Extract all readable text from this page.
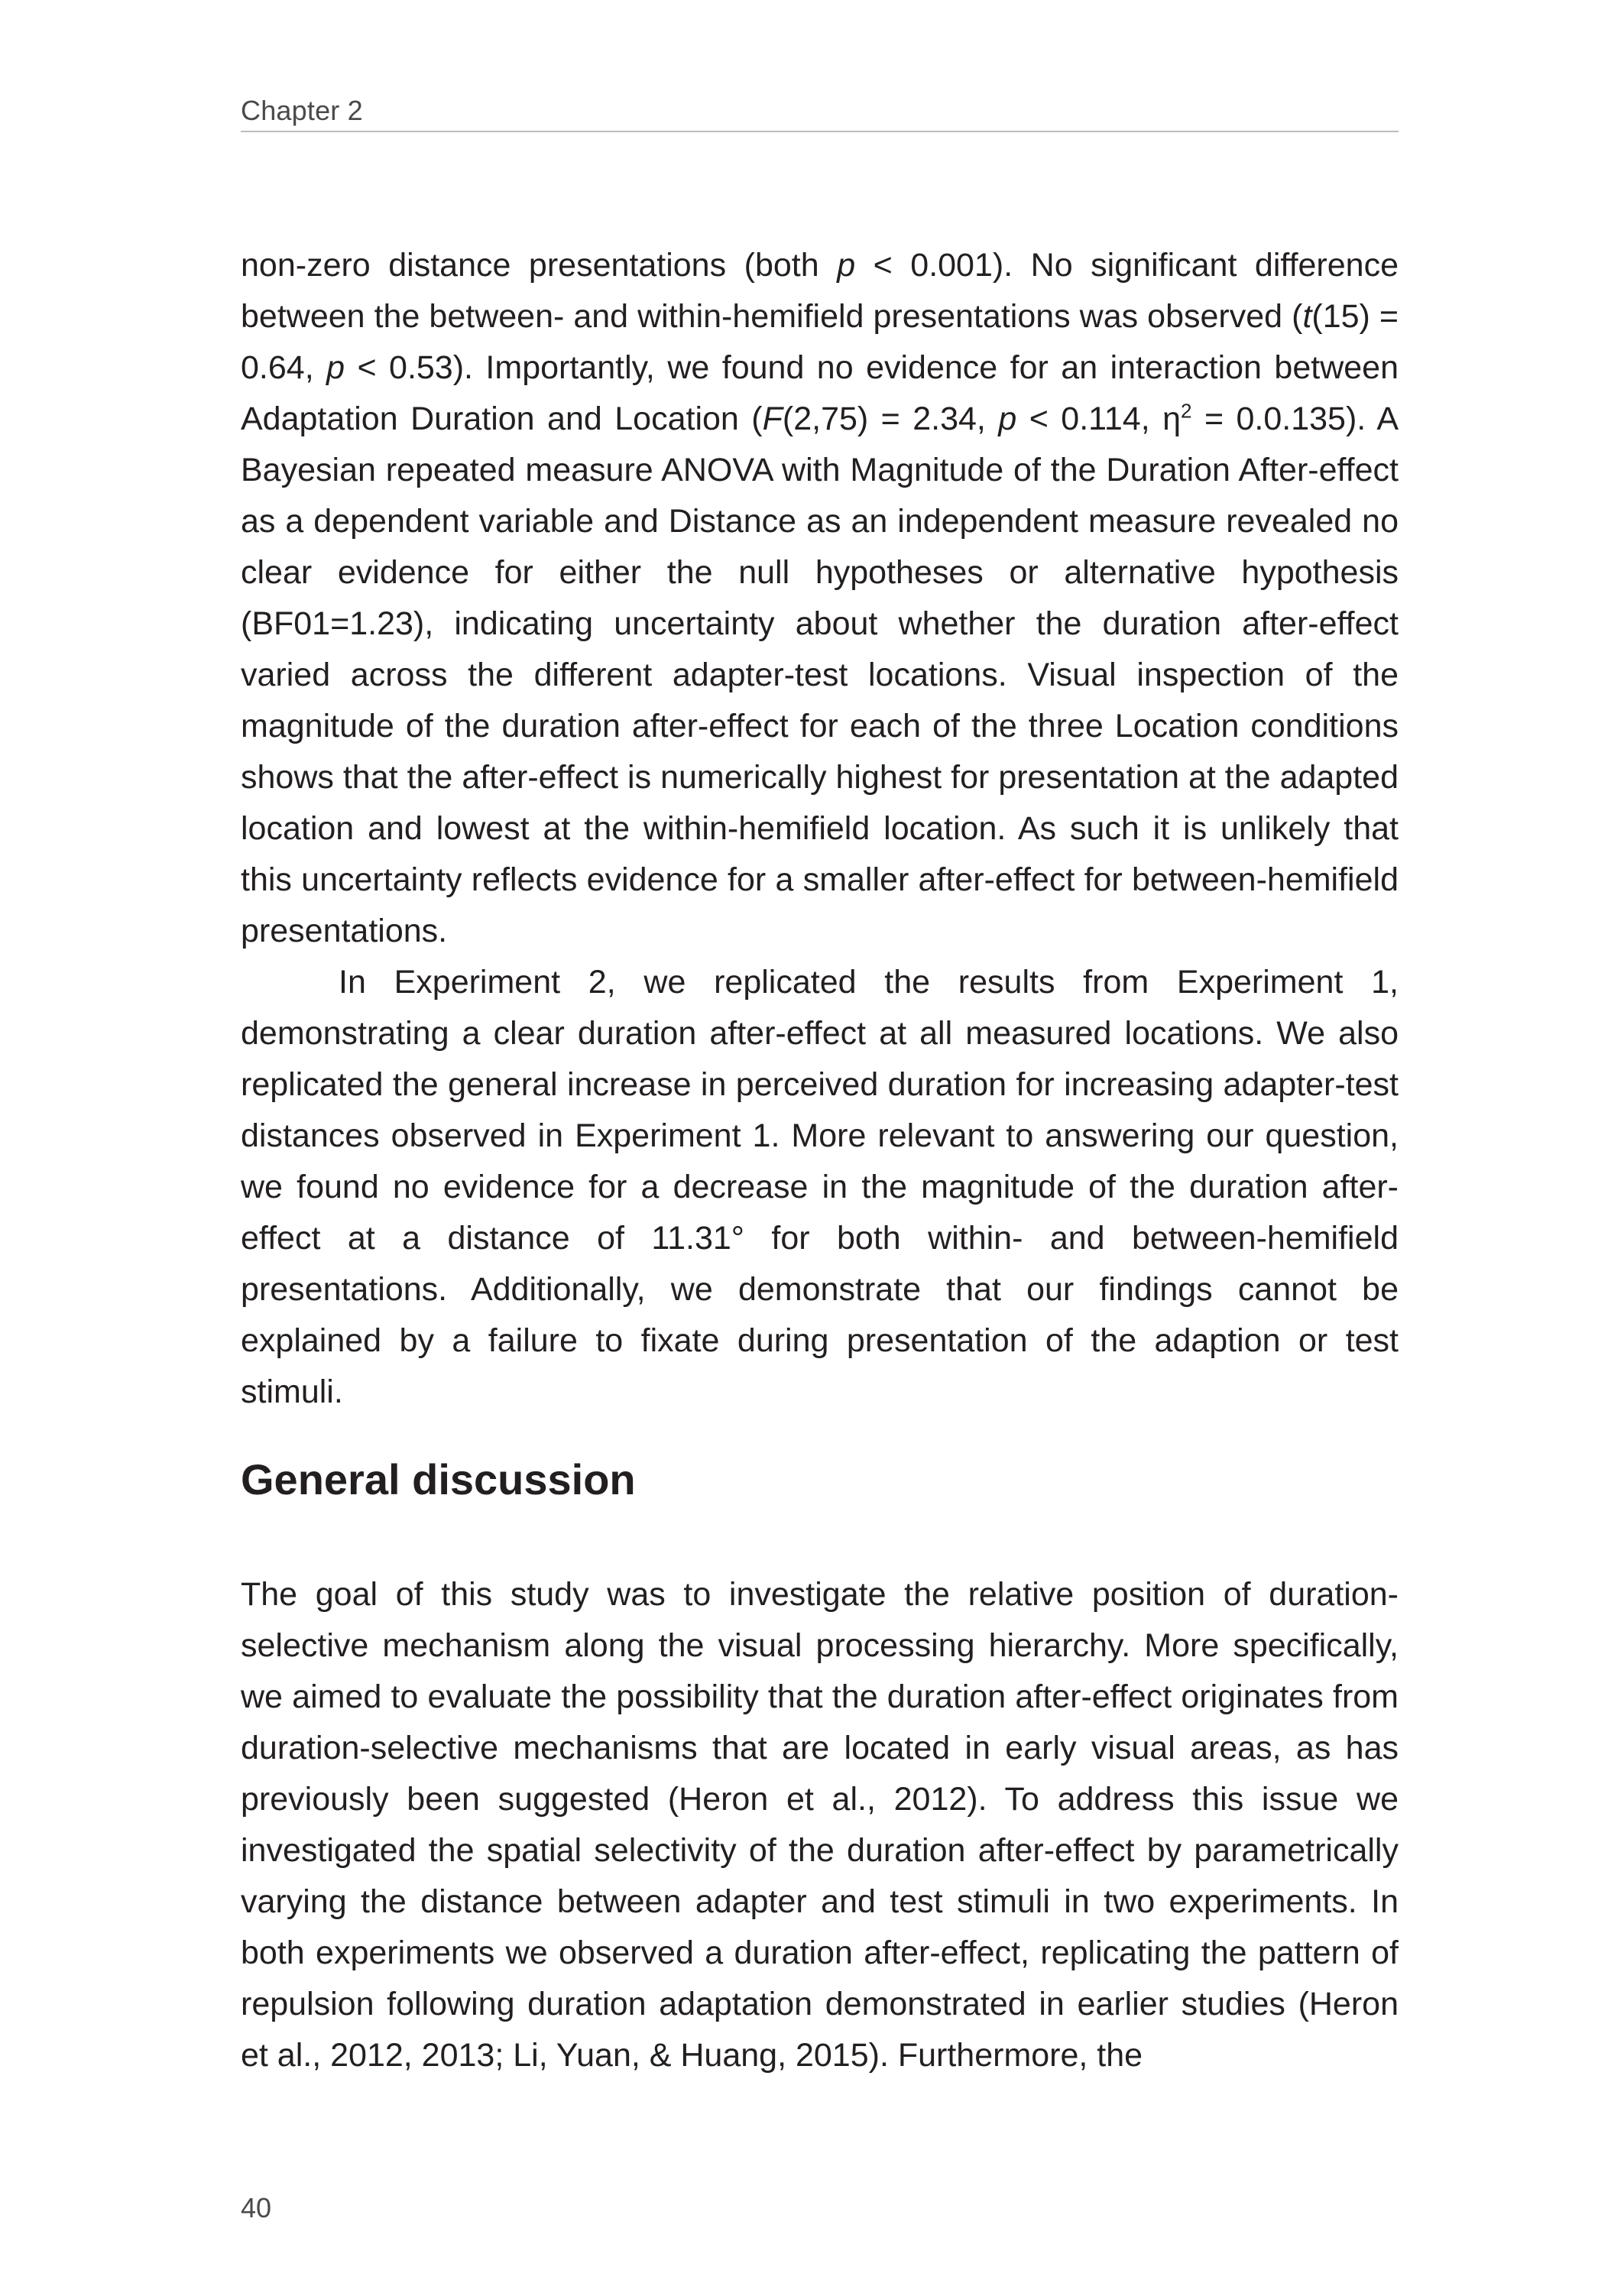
Chapter 2

non-zero distance presentations (both p < 0.001). No significant difference between the between- and within-hemifield presentations was observed (t(15) = 0.64, p < 0.53). Importantly, we found no evidence for an interaction between Adaptation Duration and Location (F(2,75) = 2.34, p < 0.114, $\eta^2 = 0.0.135$). A Bayesian repeated measure ANOVA with Magnitude of the Duration After-effect as a dependent variable and Distance as an independent measure revealed no clear evidence for either the null hypotheses or alternative hypothesis (BF01=1.23), indicating uncertainty about whether the duration after-effect varied across the different adapter-test locations. Visual inspection of the magnitude of the duration after-effect for each of the three Location conditions shows that the after-effect is numerically highest for presentation at the adapted location and lowest at the within-hemifield location. As such it is unlikely that this uncertainty reflects evidence for a smaller after-effect for between-hemifield presentations.

In Experiment 2, we replicated the results from Experiment 1, demonstrating a clear duration after-effect at all measured locations. We also replicated the general increase in perceived duration for increasing adapter-test distances observed in Experiment 1. More relevant to answering our question, we found no evidence for a decrease in the magnitude of the duration after-effect at a distance of 11.31° for both within- and between-hemifield presentations. Additionally, we demonstrate that our findings cannot be explained by a failure to fixate during presentation of the adaption or test stimuli.

General discussion

The goal of this study was to investigate the relative position of duration-selective mechanism along the visual processing hierarchy. More specifically, we aimed to evaluate the possibility that the duration after-effect originates from duration-selective mechanisms that are located in early visual areas, as has previously been suggested (Heron et al., 2012). To address this issue we investigated the spatial selectivity of the duration after-effect by parametrically varying the distance between adapter and test stimuli in two experiments. In both experiments we observed a duration after-effect, replicating the pattern of repulsion following duration adaptation demonstrated in earlier studies (Heron et al., 2012, 2013; Li, Yuan, & Huang, 2015). Furthermore, the

40
